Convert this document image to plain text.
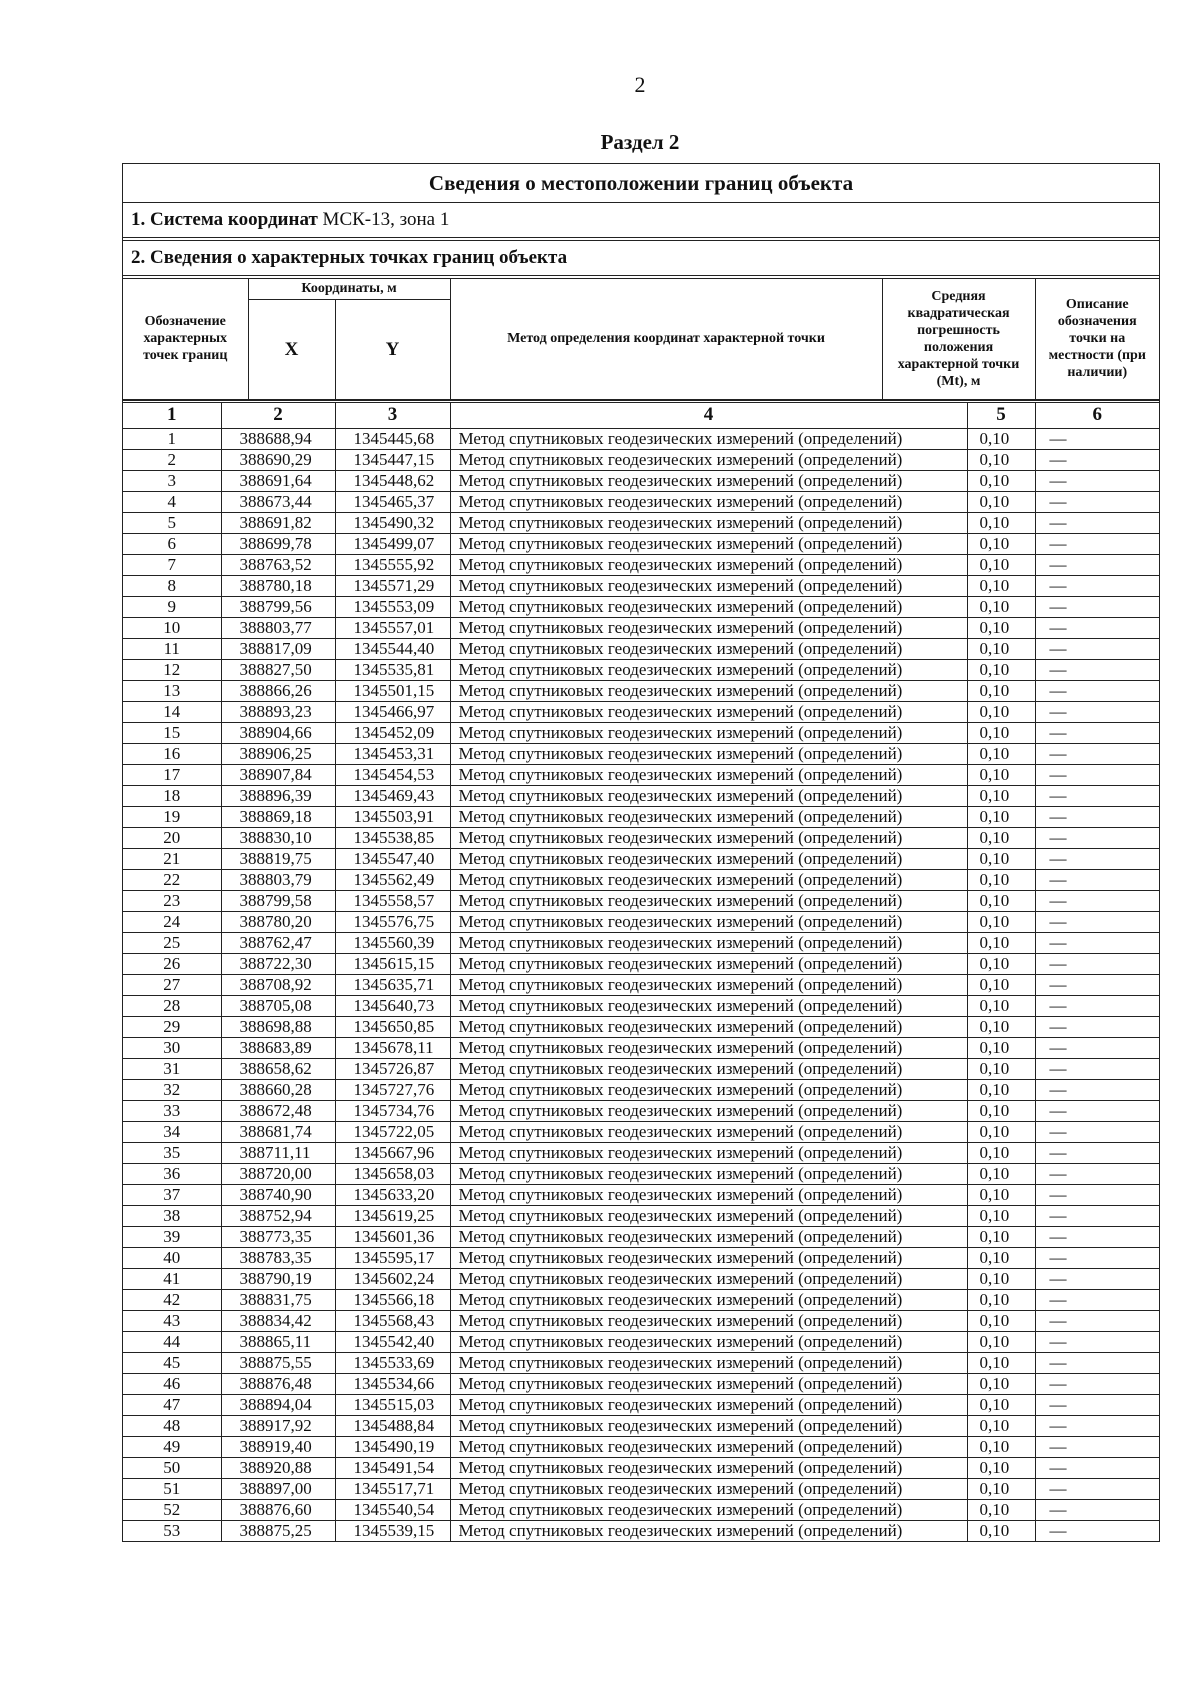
2
Раздел 2
Сведения о местоположении границ объекта
1. Система координат МСК-13, зона 1
2. Сведения о характерных точках границ объекта
Обозначение характерных точек границ	Координаты, м		Метод определения координат характерной точки	Средняя квадратическая погрешность положения характерной точки (Mt), м	Описание обозначения точки на местности (при наличии)
	X	Y			
1	2	3	4	5	6
1	388688,94	1345445,68	Метод спутниковых геодезических измерений (определений)	0,10	—
2	388690,29	1345447,15	Метод спутниковых геодезических измерений (определений)	0,10	—
3	388691,64	1345448,62	Метод спутниковых геодезических измерений (определений)	0,10	—
4	388673,44	1345465,37	Метод спутниковых геодезических измерений (определений)	0,10	—
5	388691,82	1345490,32	Метод спутниковых геодезических измерений (определений)	0,10	—
6	388699,78	1345499,07	Метод спутниковых геодезических измерений (определений)	0,10	—
7	388763,52	1345555,92	Метод спутниковых геодезических измерений (определений)	0,10	—
8	388780,18	1345571,29	Метод спутниковых геодезических измерений (определений)	0,10	—
9	388799,56	1345553,09	Метод спутниковых геодезических измерений (определений)	0,10	—
10	388803,77	1345557,01	Метод спутниковых геодезических измерений (определений)	0,10	—
11	388817,09	1345544,40	Метод спутниковых геодезических измерений (определений)	0,10	—
12	388827,50	1345535,81	Метод спутниковых геодезических измерений (определений)	0,10	—
13	388866,26	1345501,15	Метод спутниковых геодезических измерений (определений)	0,10	—
14	388893,23	1345466,97	Метод спутниковых геодезических измерений (определений)	0,10	—
15	388904,66	1345452,09	Метод спутниковых геодезических измерений (определений)	0,10	—
16	388906,25	1345453,31	Метод спутниковых геодезических измерений (определений)	0,10	—
17	388907,84	1345454,53	Метод спутниковых геодезических измерений (определений)	0,10	—
18	388896,39	1345469,43	Метод спутниковых геодезических измерений (определений)	0,10	—
19	388869,18	1345503,91	Метод спутниковых геодезических измерений (определений)	0,10	—
20	388830,10	1345538,85	Метод спутниковых геодезических измерений (определений)	0,10	—
21	388819,75	1345547,40	Метод спутниковых геодезических измерений (определений)	0,10	—
22	388803,79	1345562,49	Метод спутниковых геодезических измерений (определений)	0,10	—
23	388799,58	1345558,57	Метод спутниковых геодезических измерений (определений)	0,10	—
24	388780,20	1345576,75	Метод спутниковых геодезических измерений (определений)	0,10	—
25	388762,47	1345560,39	Метод спутниковых геодезических измерений (определений)	0,10	—
26	388722,30	1345615,15	Метод спутниковых геодезических измерений (определений)	0,10	—
27	388708,92	1345635,71	Метод спутниковых геодезических измерений (определений)	0,10	—
28	388705,08	1345640,73	Метод спутниковых геодезических измерений (определений)	0,10	—
29	388698,88	1345650,85	Метод спутниковых геодезических измерений (определений)	0,10	—
30	388683,89	1345678,11	Метод спутниковых геодезических измерений (определений)	0,10	—
31	388658,62	1345726,87	Метод спутниковых геодезических измерений (определений)	0,10	—
32	388660,28	1345727,76	Метод спутниковых геодезических измерений (определений)	0,10	—
33	388672,48	1345734,76	Метод спутниковых геодезических измерений (определений)	0,10	—
34	388681,74	1345722,05	Метод спутниковых геодезических измерений (определений)	0,10	—
35	388711,11	1345667,96	Метод спутниковых геодезических измерений (определений)	0,10	—
36	388720,00	1345658,03	Метод спутниковых геодезических измерений (определений)	0,10	—
37	388740,90	1345633,20	Метод спутниковых геодезических измерений (определений)	0,10	—
38	388752,94	1345619,25	Метод спутниковых геодезических измерений (определений)	0,10	—
39	388773,35	1345601,36	Метод спутниковых геодезических измерений (определений)	0,10	—
40	388783,35	1345595,17	Метод спутниковых геодезических измерений (определений)	0,10	—
41	388790,19	1345602,24	Метод спутниковых геодезических измерений (определений)	0,10	—
42	388831,75	1345566,18	Метод спутниковых геодезических измерений (определений)	0,10	—
43	388834,42	1345568,43	Метод спутниковых геодезических измерений (определений)	0,10	—
44	388865,11	1345542,40	Метод спутниковых геодезических измерений (определений)	0,10	—
45	388875,55	1345533,69	Метод спутниковых геодезических измерений (определений)	0,10	—
46	388876,48	1345534,66	Метод спутниковых геодезических измерений (определений)	0,10	—
47	388894,04	1345515,03	Метод спутниковых геодезических измерений (определений)	0,10	—
48	388917,92	1345488,84	Метод спутниковых геодезических измерений (определений)	0,10	—
49	388919,40	1345490,19	Метод спутниковых геодезических измерений (определений)	0,10	—
50	388920,88	1345491,54	Метод спутниковых геодезических измерений (определений)	0,10	—
51	388897,00	1345517,71	Метод спутниковых геодезических измерений (определений)	0,10	—
52	388876,60	1345540,54	Метод спутниковых геодезических измерений (определений)	0,10	—
53	388875,25	1345539,15	Метод спутниковых геодезических измерений (определений)	0,10	—
